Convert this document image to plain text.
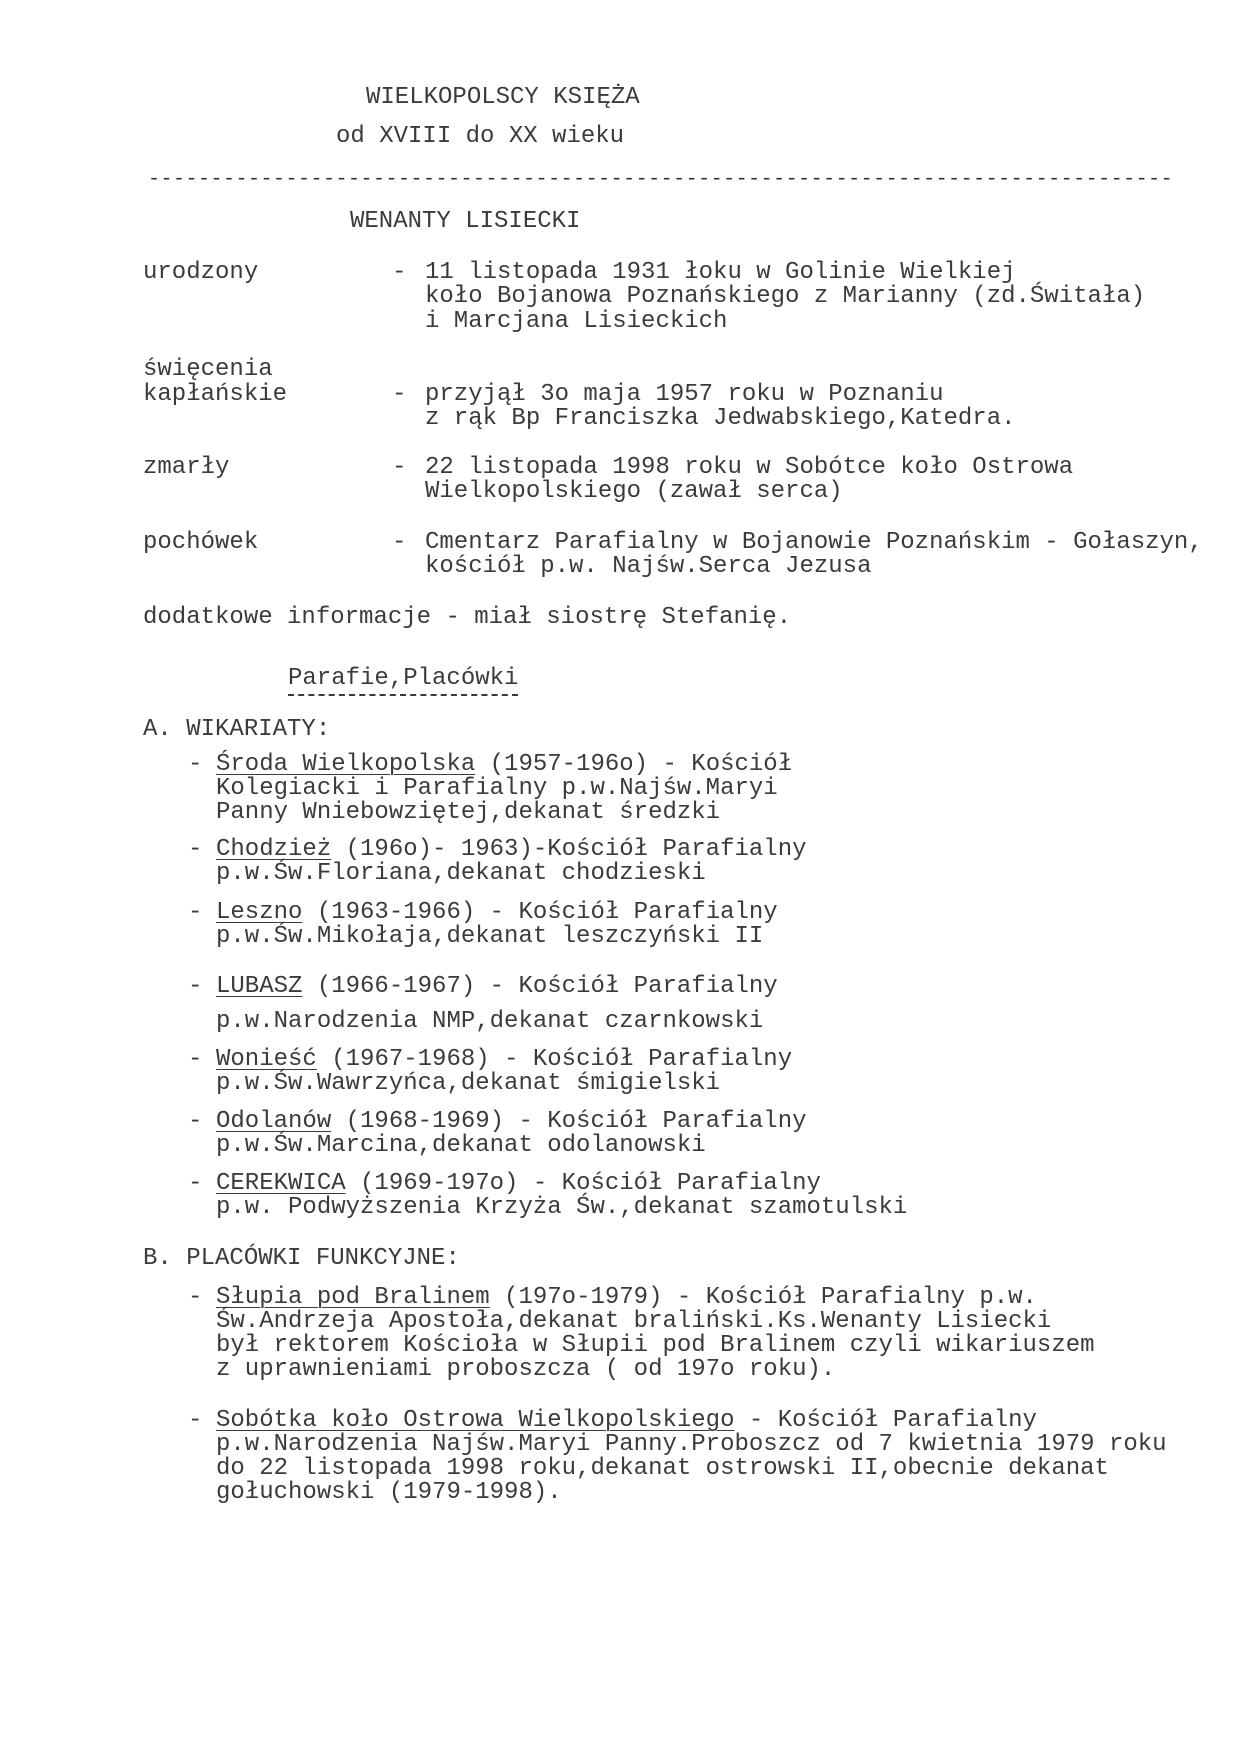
WIELKOPOLSCY KSIĘŻA
od XVIII do XX wieku
----------------------------------------------------------------------------------
WENANTY LISIECKI
urodzony	- 11 listopada 1931 łoku w Golinie Wielkiej
koło Bojanowa Poznańskiego z Marianny (zd.Świtała)
i Marcjana Lisieckich
święcenia
kapłańskie	- przyjął 3o maja 1957 roku w Poznaniu
z rąk Bp Franciszka Jedwabskiego,Katedra.
zmarły	- 22 listopada 1998 roku w Sobótce koło Ostrowa
Wielkopolskiego (zawał serca)
pochówek	- Cmentarz Parafialny w Bojanowie Poznańskim - Gołaszyn,
kościół p.w. Najśw.Serca Jezusa
dodatkowe informacje - miał siostrę Stefanię.
Parafie,Placówki
A. WIKARIATY:
- Środa Wielkopolska (1957-196o) - Kościół
Kolegiacki i Parafialny p.w.Najśw.Maryi
Panny Wniebowziętej,dekanat średzki
- Chodzież (196o)- 1963)-Kościół Parafialny
p.w.Św.Floriana,dekanat chodzieski
- Leszno (1963-1966) - Kościół Parafialny
p.w.Św.Mikołaja,dekanat leszczyński II
- LUBASZ (1966-1967) - Kościół Parafialny
p.w.Narodzenia NMP,dekanat czarnkowski
- Wonieść (1967-1968) - Kościół Parafialny
p.w.Św.Wawrzyńca,dekanat śmigielski
- Odolanów (1968-1969) - Kościół Parafialny
p.w.Św.Marcina,dekanat odolanowski
- CEREKWICA (1969-197o) - Kościół Parafialny
p.w. Podwyższenia Krzyża Św.,dekanat szamotulski
B. PLACÓWKI FUNKCYJNE:
- Słupia pod Bralinem (197o-1979) - Kościół Parafialny p.w.
Św.Andrzeja Apostoła,dekanat braliński.Ks.Wenanty Lisiecki
był rektorem Kościoła w Słupii pod Bralinem czyli wikariuszem
z uprawnieniami proboszcza ( od 197o roku).
- Sobótka koło Ostrowa Wielkopolskiego - Kościół Parafialny
p.w.Narodzenia Najśw.Maryi Panny.Proboszcz od 7 kwietnia 1979 roku
do 22 listopada 1998 roku,dekanat ostrowski II,obecnie dekanat
gołuchowski (1979-1998).
